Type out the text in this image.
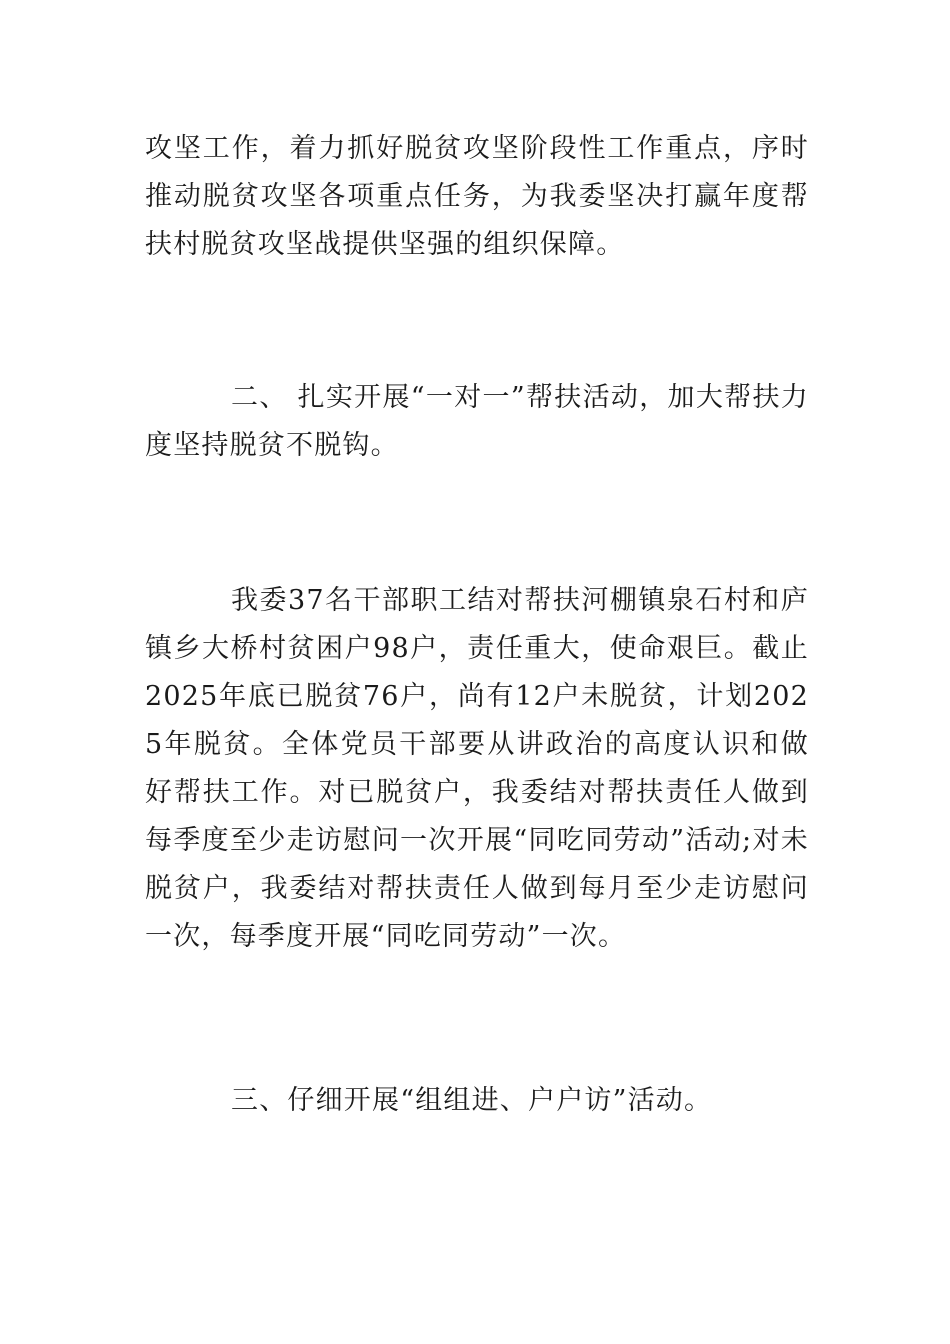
攻坚工作，着力抓好脱贫攻坚阶段性工作重点，序时推动脱贫攻坚各项重点任务，为我委坚决打赢年度帮扶村脱贫攻坚战提供坚强的组织保障。

二、 扎实开展“一对一”帮扶活动，加大帮扶力度坚持脱贫不脱钩。

我委37名干部职工结对帮扶河棚镇泉石村和庐镇乡大桥村贫困户98户，责任重大，使命艰巨。截止2025年底已脱贫76户，尚有12户未脱贫，计划2025年脱贫。全体党员干部要从讲政治的高度认识和做好帮扶工作。对已脱贫户，我委结对帮扶责任人做到每季度至少走访慰问一次开展“同吃同劳动”活动;对未脱贫户，我委结对帮扶责任人做到每月至少走访慰问一次，每季度开展“同吃同劳动”一次。

三、仔细开展“组组进、户户访”活动。
